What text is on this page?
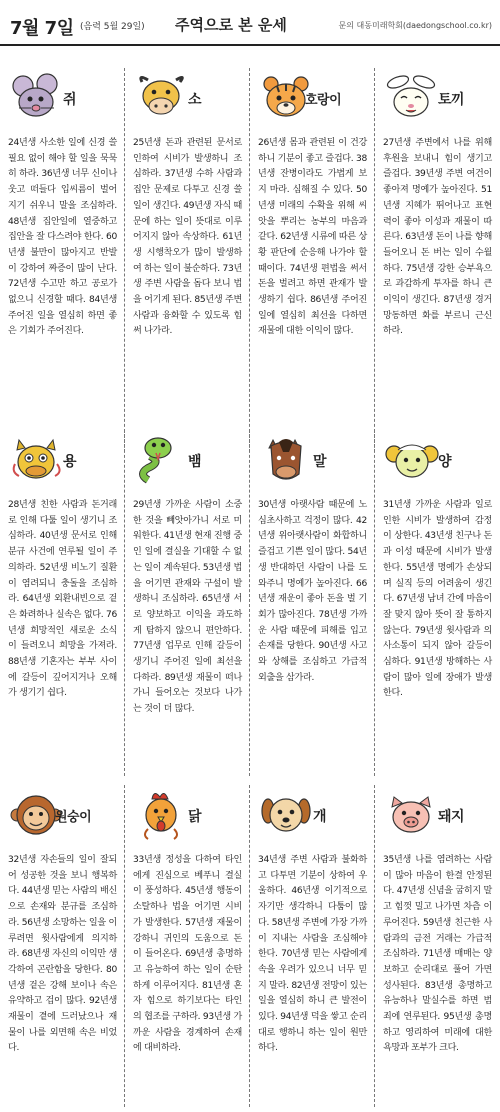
7월 7일 (음력 5월 29일) 주역으로 본 운세	문의 대동미래학회(daedongschool.co.kr)
쥐

24년생 사소한 일에 신경 쓸 필요 없이 해야 할 일을 묵묵히 하라. 36년생 너무 신이나 웃고 떠들다 입씨름이 벌어지기 쉬우니 말을 조심하라. 48년생 집안일에 열중하고 집안을 잘 다스려야 한다. 60년생 불만이 많아지고 반발이 강하여 짜증이 많이 난다. 72년생 수고만 하고 공로가 없으니 신경할 때다. 84년생 주어진 일을 열심히 하면 좋은 기회가 주어진다.

소

25년생 돈과 관련된 문서로 인하여 시비가 발생하니 조심하라. 37년생 수하 사람과 집안 문제로 다투고 신경 쓸 일이 생긴다. 49년생 자식 때문에 하는 일이 뜻대로 이루어지지 않아 속상하다. 61년생 시행착오가 많이 발생하여 하는 일이 불순하다. 73년생 주변 사람을 돕다 보니 법을 어기게 된다. 85년생 주변 사람과 융화할 수 있도록 힘써 나가라.

호랑이

26년생 몸과 관련된 이 건강하니 기분이 좋고 즐겁다. 38년생 잔병이라도 가볍게 보지 마라. 심해질 수 있다. 50년생 미래의 수확을 위해 씨앗을 뿌리는 농부의 마음과 같다. 62년생 시류에 따른 상황 판단에 순응해 나가야 할 때이다. 74년생 편법을 써서 돈을 벌려고 하면 관재가 발생하기 쉽다. 86년생 주어진 일에 열심히 최선을 다하면 재물에 대한 이익이 많다.

토끼

27년생 주변에서 나를 위해 후원을 보내니 힘이 생기고 즐겁다. 39년생 주변 여건이 좋아져 명예가 높아진다. 51년생 지혜가 뛰어나고 표현력이 좋아 이성과 재물이 따른다. 63년생 돈이 나를 향해 들어오니 돈 버는 일이 수월하다. 75년생 강한 승부욕으로 과감하게 투자를 하니 큰 이익이 생긴다. 87년생 경거망동하면 화를 부르니 근신하라.

용

28년생 친한 사람과 돈거래로 인해 다툴 일이 생기니 조심하라. 40년생 문서로 인해 분규 사건에 연루될 일이 주의하라. 52년생 비노기 질환이 염려되니 충돌을 조심하라. 64년생 외환내빈으로 겉은 화려하나 실속은 없다. 76년생 희망적인 새로운 소식이 들려오니 희망을 가져라. 88년생 기혼자는 부부 사이에 갈등이 깊어지거나 오해가 생기기 쉽다.

뱀

29년생 가까운 사람이 소중한 것을 빼앗아가니 서로 미워한다. 41년생 현재 진행 중인 일에 결실을 기대할 수 없는 일이 계속된다. 53년생 법을 어기면 관재와 구설이 발생하니 조심하라. 65년생 서로 양보하고 이익을 과도하게 탐하지 않으니 편안하다. 77년생 업무로 인해 갈등이 생기니 주어진 일에 최선을 다하라. 89년생 재물이 떠나가니 들어오는 것보다 나가는 것이 더 많다.

말

30년생 아랫사람 때문에 노심초사하고 걱정이 많다. 42년생 위아랫사람이 화합하니 즐겁고 기쁜 일이 많다. 54년생 반대하던 사람이 나를 도와주니 명예가 높아진다. 66년생 재운이 좋아 돈을 벌 기회가 많아진다. 78년생 가까운 사람 때문에 피해를 입고 손재를 당한다. 90년생 사고와 상해를 조심하고 가급적 외출을 삼가라.

양

31년생 가까운 사람과 일로 인한 시비가 발생하여 감정이 상한다. 43년생 친구나 돈과 이성 때문에 시비가 발생한다. 55년생 명예가 손상되며 실직 등의 어려움이 생긴다. 67년생 남녀 간에 마음이 잘 맞지 않아 뜻이 잘 통하지 않는다. 79년생 윗사람과 의사소통이 되지 않아 갈등이 심하다. 91년생 방해하는 사람이 많아 일에 장애가 발생한다.

원숭이

32년생 자손들의 일이 잘되어 성공한 것을 보니 행복하다. 44년생 믿는 사람의 배신으로 손재와 분규를 조심하라. 56년생 소망하는 일을 이루려면 윗사람에게 의지하라. 68년생 자신의 이익만 생각하여 곤란함을 당한다. 80년생 겉은 강해 보이나 속은 유약하고 겁이 많다. 92년생 재물이 곁에 드러났으나 재물이 나를 외면해 속은 비었다.

닭

33년생 정성을 다하여 타인에게 진심으로 베푸니 결실이 풍성하다. 45년생 행동이 소탈하나 법을 어기면 시비가 발생한다. 57년생 재물이 강하니 귀인의 도움으로 돈이 들어온다. 69년생 총명하고 유능하여 하는 일이 순탄하게 이루어지다. 81년생 혼자 힘으로 하기보다는 타인의 협조를 구하라. 93년생 가까운 사람을 경계하여 손재에 대비하라.

개

34년생 주변 사람과 불화하고 다투면 기분이 상하여 우울하다. 46년생 이기적으로 자기만 생각하니 다툼이 많다. 58년생 주변에 가장 가까이 지내는 사람을 조심해야 한다. 70년생 믿는 사람에게 속을 우려가 있으니 너무 믿지 말라. 82년생 전망이 있는 일을 열심히 하니 큰 발전이 있다. 94년생 덕을 쌓고 순리대로 행하니 하는 일이 원만하다.

돼지

35년생 나를 염려하는 사람이 많아 마음이 한결 안정된다. 47년생 신념을 굽히지 말고 힘껏 밀고 나가면 차츰 이루어진다. 59년생 친근한 사람과의 금전 거래는 가급적 조심하라. 71년생 매매는 양보하고 순리대로 풀어 가면 성사된다. 83년생 총명하고 유능하나 말실수를 하면 범죄에 연루된다. 95년생 총명하고 영리하여 미래에 대한 욕망과 포부가 크다.
